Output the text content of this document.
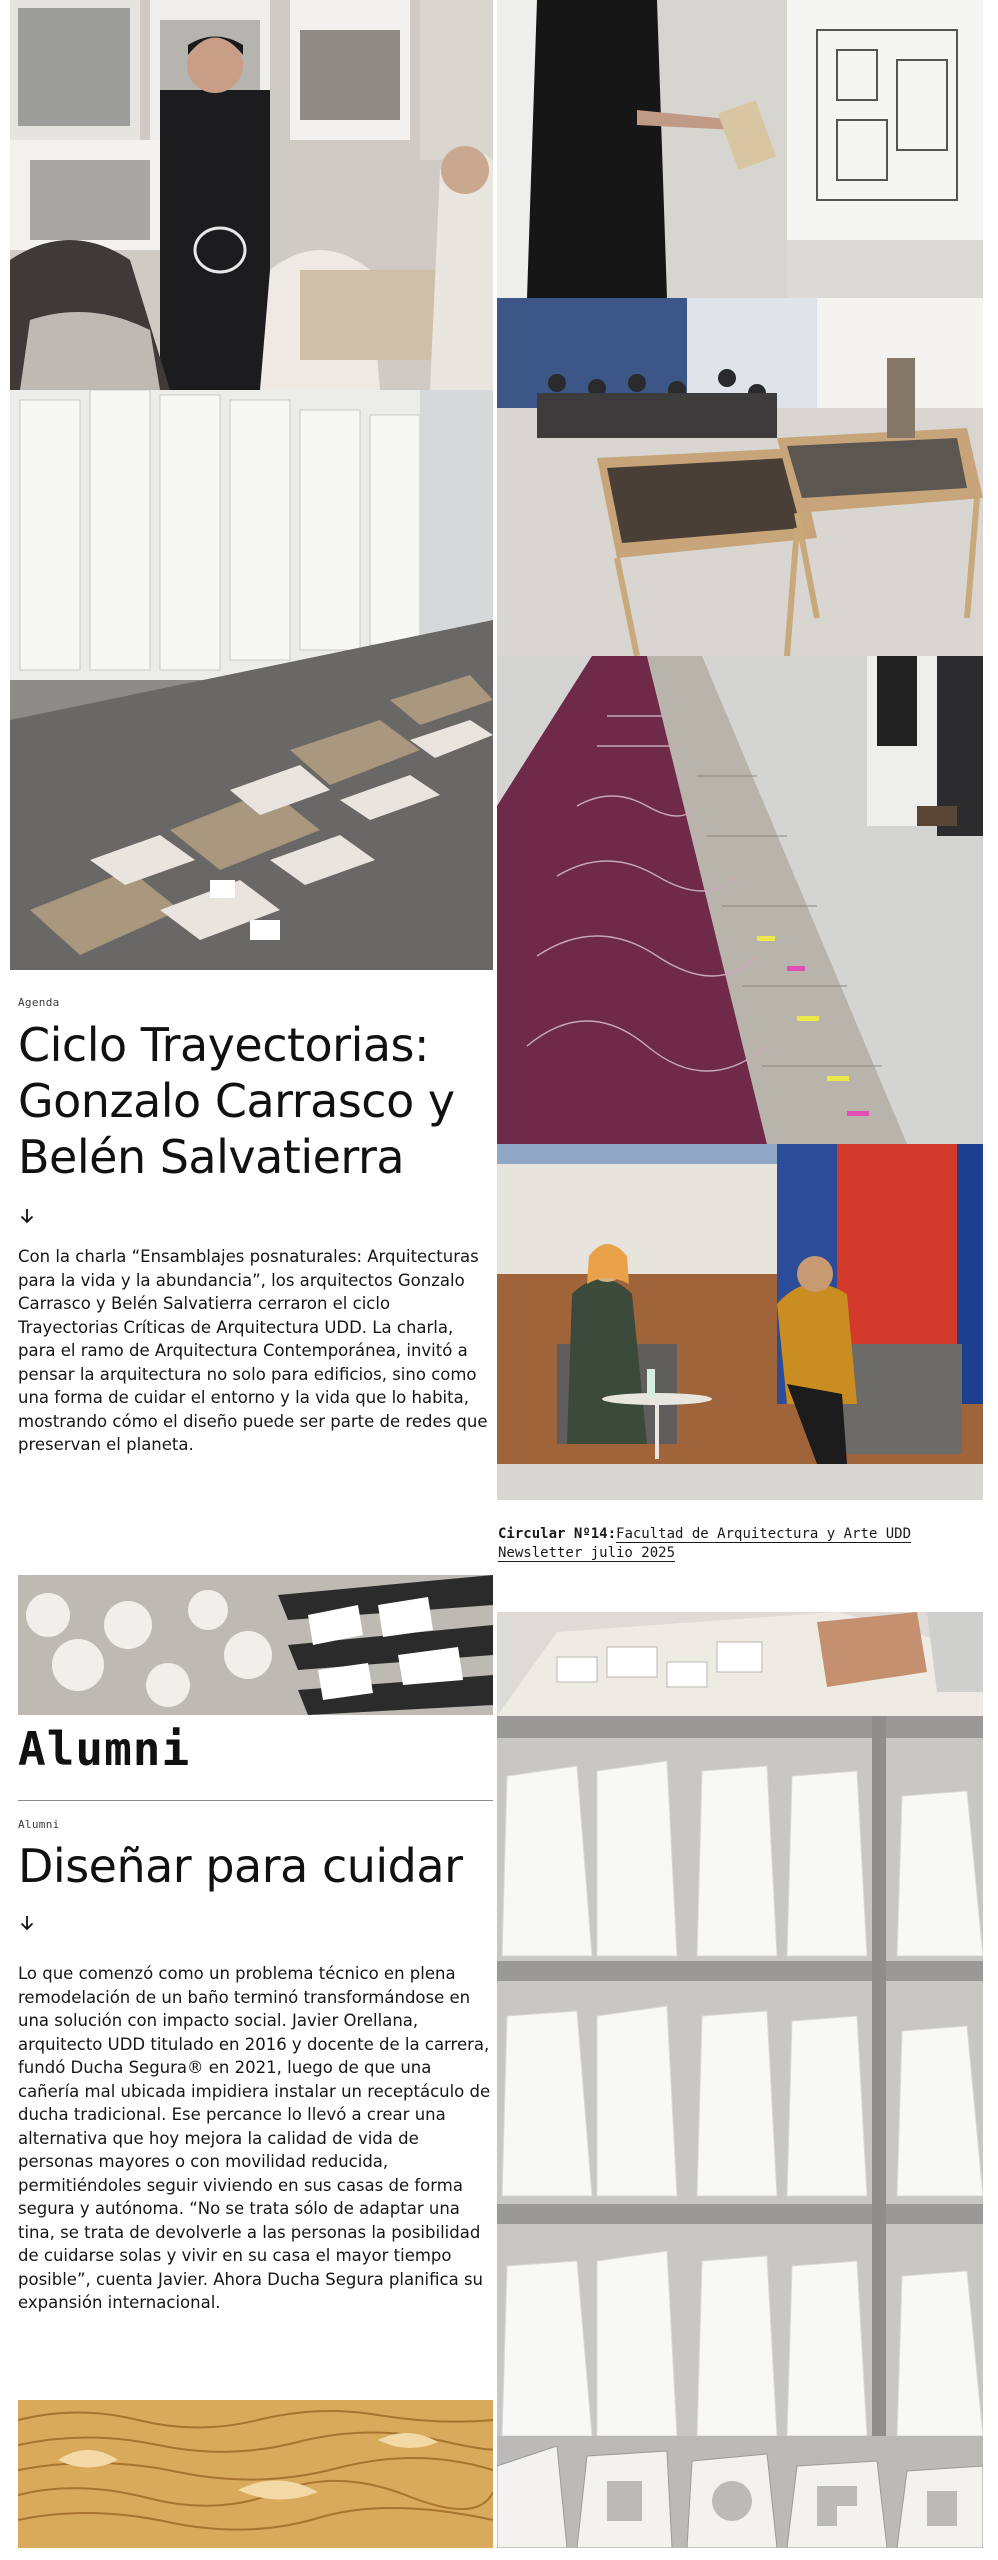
Agenda
Ciclo Trayectorias: Gonzalo Carrasco y Belén Salvatierra

Con la charla “Ensamblajes posnaturales: Arquitecturas para la vida y la abundancia”, los arquitectos Gonzalo Carrasco y Belén Salvatierra cerraron el ciclo Trayectorias Críticas de Arquitectura UDD. La charla, para el ramo de Arquitectura Contemporánea, invitó a pensar la arquitectura no solo para edificios, sino como una forma de cuidar el entorno y la vida que lo habita, mostrando cómo el diseño puede ser parte de redes que preservan el planeta.

Circular Nº14:Facultad de Arquitectura y Arte UDD Newsletter julio 2025
Alumni
Alumni
Diseñar para cuidar

Lo que comenzó como un problema técnico en plena remodelación de un baño terminó transformándose en una solución con impacto social. Javier Orellana, arquitecto UDD titulado en 2016 y docente de la carrera, fundó Ducha Segura® en 2021, luego de que una cañería mal ubicada impidiera instalar un receptáculo de ducha tradicional. Ese percance lo llevó a crear una alternativa que hoy mejora la calidad de vida de personas mayores o con movilidad reducida, permitiéndoles seguir viviendo en sus casas de forma segura y autónoma. “No se trata sólo de adaptar una tina, se trata de devolverle a las personas la posibilidad de cuidarse solas y vivir en su casa el mayor tiempo posible”, cuenta Javier. Ahora Ducha Segura planifica su expansión internacional.
